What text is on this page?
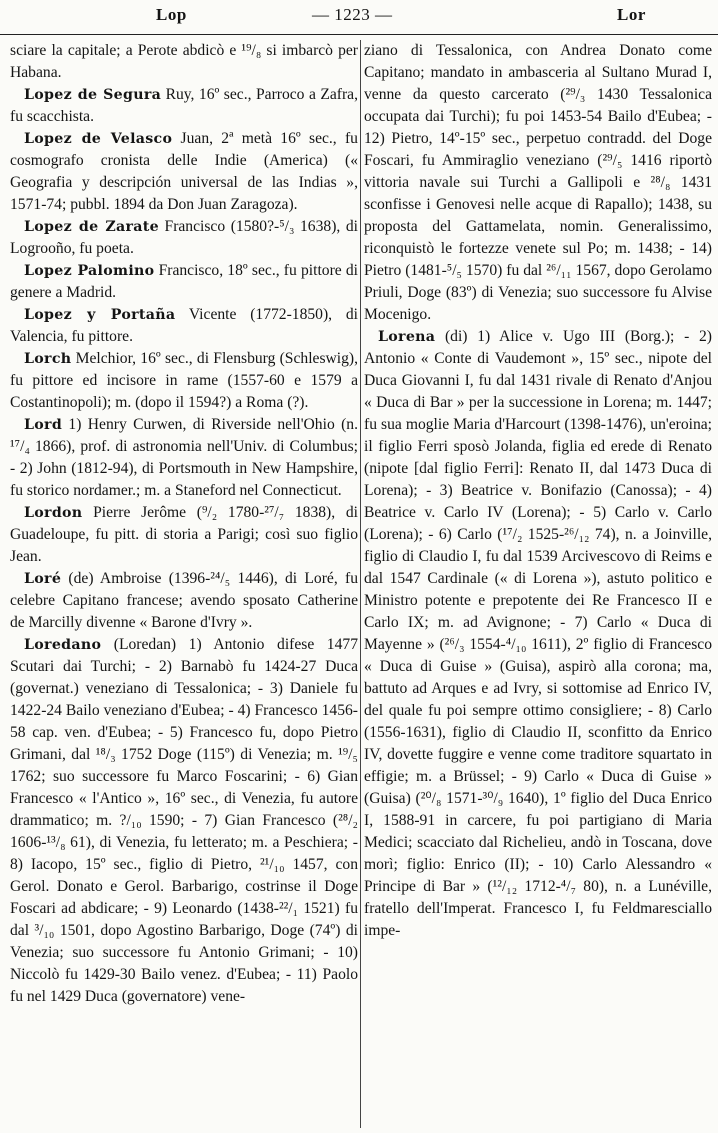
Lop	— 1223 —	Lor

sciare la capitale; a Perote abdicò e ¹⁹/₈ si imbarcò per Habana.

Lopez de Segura Ruy, 16º sec., Parroco a Zafra, fu scacchista.

Lopez de Velasco Juan, 2ª metà 16º sec., fu cosmografo cronista delle Indie (America) (« Geografia y descripción universal de las Indias », 1571-74; pubbl. 1894 da Don Juan Zaragoza).

Lopez de Zarate Francisco (1580?-⁵/₃ 1638), di Logrooño, fu poeta.

Lopez Palomino Francisco, 18º sec., fu pittore di genere a Madrid.

Lopez y Portaña Vicente (1772-1850), di Valencia, fu pittore.

Lorch Melchior, 16º sec., di Flensburg (Schleswig), fu pittore ed incisore in rame (1557-60 e 1579 a Costantinopoli); m. (dopo il 1594?) a Roma (?).

Lord 1) Henry Curwen, di Riverside nell'Ohio (n. ¹⁷/₄ 1866), prof. di astronomia nell'Univ. di Columbus; - 2) John (1812-94), di Portsmouth in New Hampshire, fu storico nordamer.; m. a Staneford nel Connecticut.

Lordon Pierre Jerôme (⁹/₂ 1780-²⁷/₇ 1838), di Guadeloupe, fu pitt. di storia a Parigi; così suo figlio Jean.

Loré (de) Ambroise (1396-²⁴/₅ 1446), di Loré, fu celebre Capitano francese; avendo sposato Catherine de Marcilly divenne « Barone d'Ivry ».

Loredano (Loredan) 1) Antonio difese 1477 Scutari dai Turchi; - 2) Barnabò fu 1424-27 Duca (governat.) veneziano di Tessalonica; - 3) Daniele fu 1422-24 Bailo veneziano d'Eubea; - 4) Francesco 1456-58 cap. ven. d'Eubea; - 5) Francesco fu, dopo Pietro Grimani, dal ¹⁸/₃ 1752 Doge (115º) di Venezia; m. ¹⁹/₅ 1762; suo successore fu Marco Foscarini; - 6) Gian Francesco « l'Antico », 16º sec., di Venezia, fu autore drammatico; m. ?/₁₀ 1590; - 7) Gian Francesco (²⁸/₂ 1606-¹³/₈ 61), di Venezia, fu letterato; m. a Peschiera; - 8) Iacopo, 15º sec., figlio di Pietro, ²¹/₁₀ 1457, con Gerol. Donato e Gerol. Barbarigo, costrinse il Doge Foscari ad abdicare; - 9) Leonardo (1438-²²/₁ 1521) fu dal ³/₁₀ 1501, dopo Agostino Barbarigo, Doge (74º) di Venezia; suo successore fu Antonio Grimani; - 10) Niccolò fu 1429-30 Bailo venez. d'Eubea; - 11) Paolo fu nel 1429 Duca (governatore) vene-

ziano di Tessalonica, con Andrea Donato come Capitano; mandato in ambasceria al Sultano Murad I, venne da questo carcerato (²⁹/₃ 1430 Tessalonica occupata dai Turchi); fu poi 1453-54 Bailo d'Eubea; - 12) Pietro, 14º-15º sec., perpetuo contradd. del Doge Foscari, fu Ammiraglio veneziano (²⁹/₅ 1416 riportò vittoria navale sui Turchi a Gallipoli e ²⁸/₈ 1431 sconfisse i Genovesi nelle acque di Rapallo); 1438, su proposta del Gattamelata, nomin. Generalissimo, riconquistò le fortezze venete sul Po; m. 1438; - 14) Pietro (1481-⁵/₅ 1570) fu dal ²⁶/₁₁ 1567, dopo Gerolamo Priuli, Doge (83º) di Venezia; suo successore fu Alvise Mocenigo.

Lorena (di) 1) Alice v. Ugo III (Borg.); - 2) Antonio « Conte di Vaudemont », 15º sec., nipote del Duca Giovanni I, fu dal 1431 rivale di Renato d'Anjou « Duca di Bar » per la successione in Lorena; m. 1447; fu sua moglie Maria d'Harcourt (1398-1476), un'eroina; il figlio Ferri sposò Jolanda, figlia ed erede di Renato (nipote [dal figlio Ferri]: Renato II, dal 1473 Duca di Lorena); - 3) Beatrice v. Bonifazio (Canossa); - 4) Beatrice v. Carlo IV (Lorena); - 5) Carlo v. Carlo (Lorena); - 6) Carlo (¹⁷/₂ 1525-²⁶/₁₂ 74), n. a Joinville, figlio di Claudio I, fu dal 1539 Arcivescovo di Reims e dal 1547 Cardinale (« di Lorena »), astuto politico e Ministro potente e prepotente dei Re Francesco II e Carlo IX; m. ad Avignone; - 7) Carlo « Duca di Mayenne » (²⁶/₃ 1554-⁴/₁₀ 1611), 2º figlio di Francesco « Duca di Guise » (Guisa), aspirò alla corona; ma, battuto ad Arques e ad Ivry, si sottomise ad Enrico IV, del quale fu poi sempre ottimo consigliere; - 8) Carlo (1556-1631), figlio di Claudio II, sconfitto da Enrico IV, dovette fuggire e venne come traditore squartato in effigie; m. a Brüssel; - 9) Carlo « Duca di Guise » (Guisa) (²⁰/₈ 1571-³⁰/₉ 1640), 1º figlio del Duca Enrico I, 1588-91 in carcere, fu poi partigiano di Maria Medici; scacciato dal Richelieu, andò in Toscana, dove morì; figlio: Enrico (II); - 10) Carlo Alessandro « Principe di Bar » (¹²/₁₂ 1712-⁴/₇ 80), n. a Lunéville, fratello dell'Imperat. Francesco I, fu Feldmaresciallo impe-
